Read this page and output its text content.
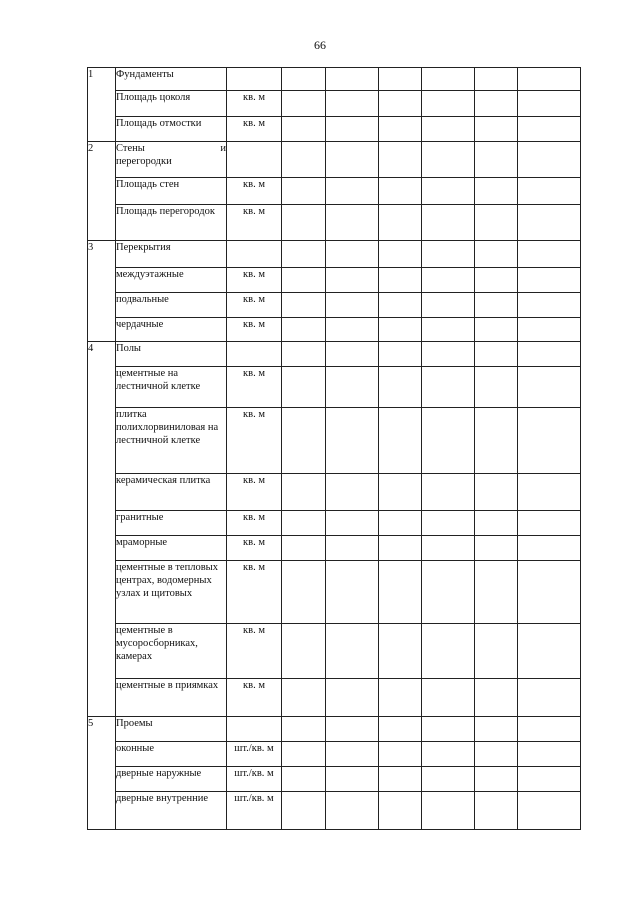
66
1	Фундаменты							
	Площадь цоколя	кв. м						
	Площадь отмостки	кв. м						
2	Стены и
перегородки							

	Площадь стен	кв. м						
	Площадь перегородок	кв. м						
3	Перекрытия							
	междуэтажные	кв. м						
	подвальные	кв. м						
	чердачные	кв. м						
4	Полы							
	цементные на лестничной клетке	кв. м						
	плитка полихлорвиниловая на лестничной клетке	кв. м						
	керамическая плитка	кв. м						
	гранитные	кв. м						
	мраморные	кв. м						
	цементные в тепловых центрах, водомерных узлах и щитовых	кв. м						
	цементные в мусоросборниках, камерах	кв. м						
	цементные в приямках	кв. м						
5	Проемы							
	оконные	шт./кв. м						
	дверные наружные	шт./кв. м						
	дверные внутренние	шт./кв. м						
